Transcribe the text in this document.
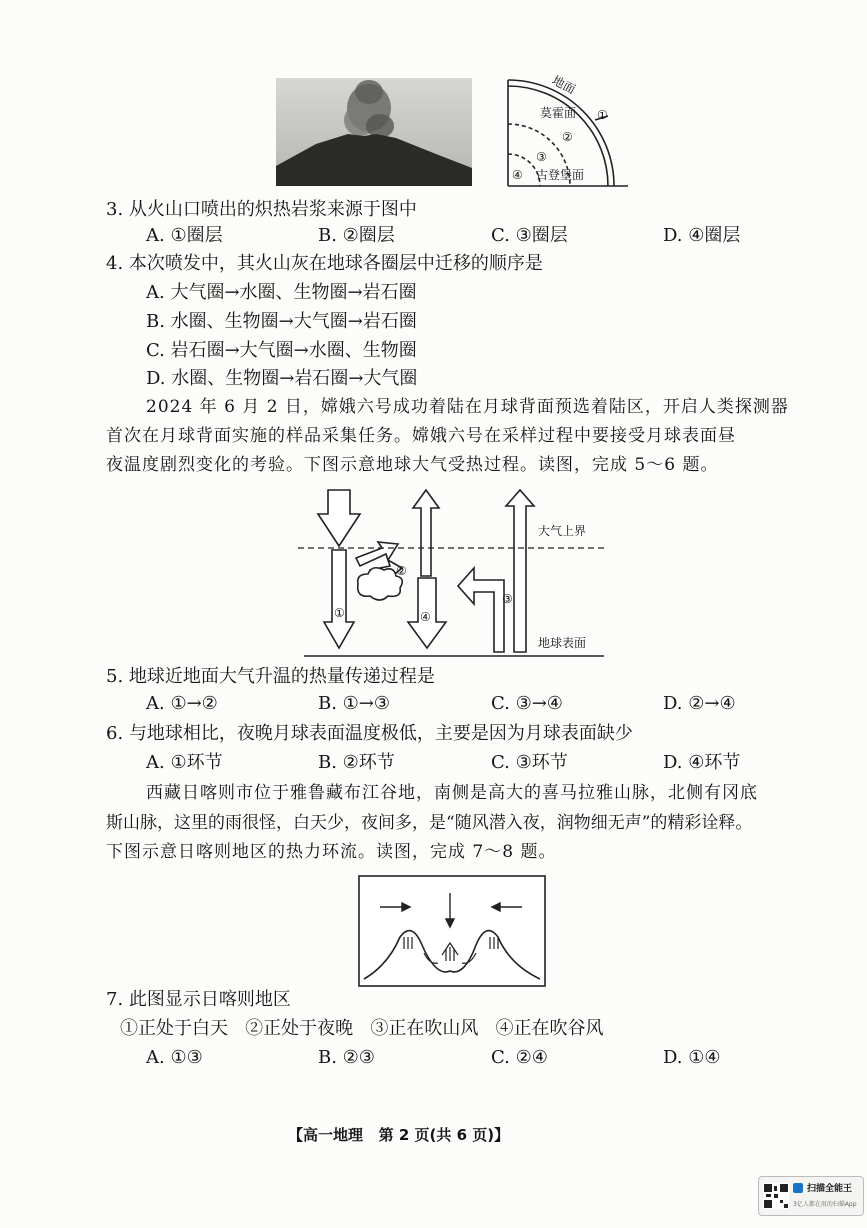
地面
莫霍面
古登堡面
①
②
③
④
3. 从火山口喷出的炽热岩浆来源于图中
A. ①圈层	B. ②圈层	C. ③圈层	D. ④圈层
4. 本次喷发中，其火山灰在地球各圈层中迁移的顺序是
A. 大气圈→水圈、生物圈→岩石圈
B. 水圈、生物圈→大气圈→岩石圈
C. 岩石圈→大气圈→水圈、生物圈
D. 水圈、生物圈→岩石圈→大气圈
2024 年 6 月 2 日，嫦娥六号成功着陆在月球背面预选着陆区，开启人类探测器
首次在月球背面实施的样品采集任务。嫦娥六号在采样过程中要接受月球表面昼
夜温度剧烈变化的考验。下图示意地球大气受热过程。读图，完成 5～6 题。
大气上界
地球表面
①
②
③
④
5. 地球近地面大气升温的热量传递过程是
A. ①→②	B. ①→③	C. ③→④	D. ②→④
6. 与地球相比，夜晚月球表面温度极低，主要是因为月球表面缺少
A. ①环节	B. ②环节	C. ③环节	D. ④环节
西藏日喀则市位于雅鲁藏布江谷地，南侧是高大的喜马拉雅山脉，北侧有冈底
斯山脉，这里的雨很怪，白天少，夜间多，是“随风潜入夜，润物细无声”的精彩诠释。
下图示意日喀则地区的热力环流。读图，完成 7～8 题。
7. 此图显示日喀则地区
①正处于白天   ②正处于夜晚   ③正在吹山风   ④正在吹谷风
A. ①③	B. ②③	C. ②④	D. ①④
【高一地理   第 2 页(共 6 页)】
扫描全能王
3亿人都在用的扫描App
